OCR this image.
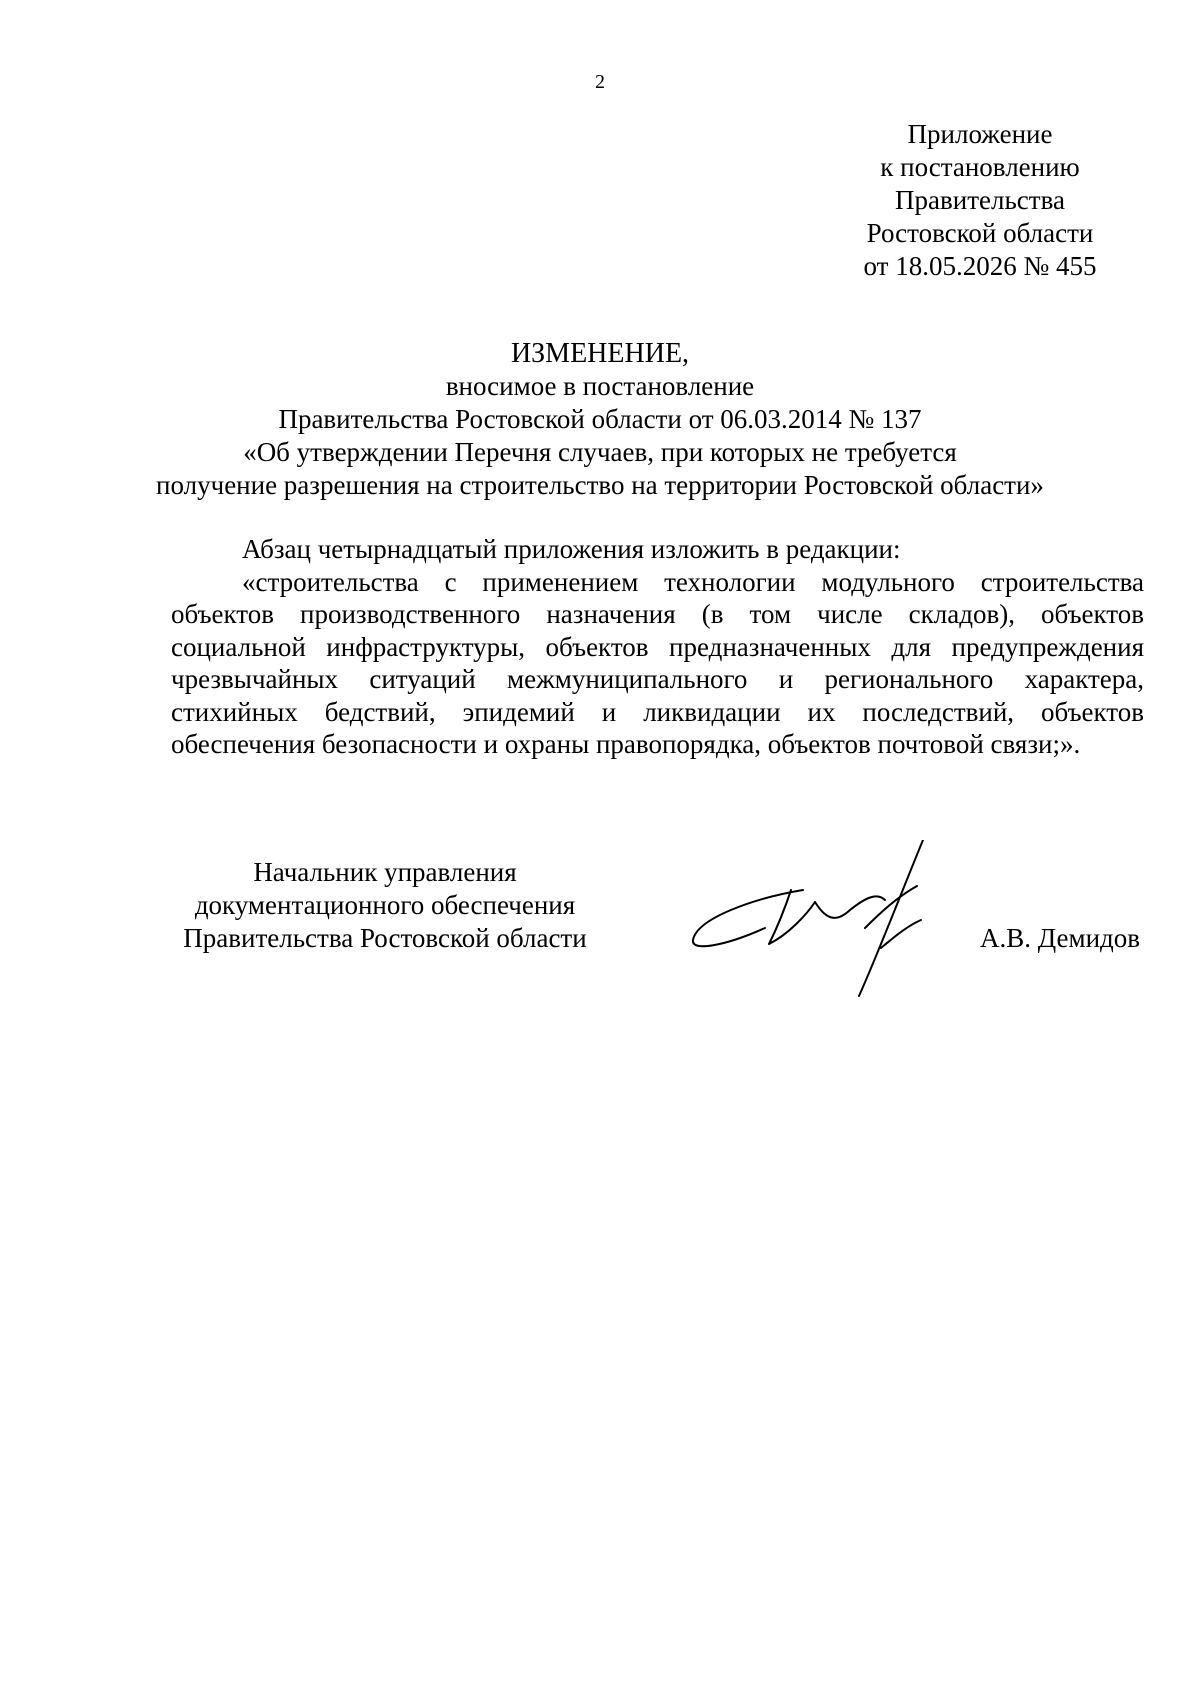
2
Приложение
к постановлению
Правительства
Ростовской области
от 18.05.2026 № 455
ИЗМЕНЕНИЕ,
вносимое в постановление
Правительства Ростовской области от 06.03.2014 № 137
«Об утверждении Перечня случаев, при которых не требуется
получение разрешения на строительство на территории Ростовской области»
Абзац четырнадцатый приложения изложить в редакции:

«строительства с применением технологии модульного строительства объектов производственного назначения (в том числе складов), объектов социальной инфраструктуры, объектов предназначенных для предупреждения чрезвычайных ситуаций межмуниципального и регионального характера, стихийных бедствий, эпидемий и ликвидации их последствий, объектов обеспечения безопасности и охраны правопорядка, объектов почтовой связи;».

Начальник управления
документационного обеспечения
Правительства Ростовской области	А.В. Демидов
